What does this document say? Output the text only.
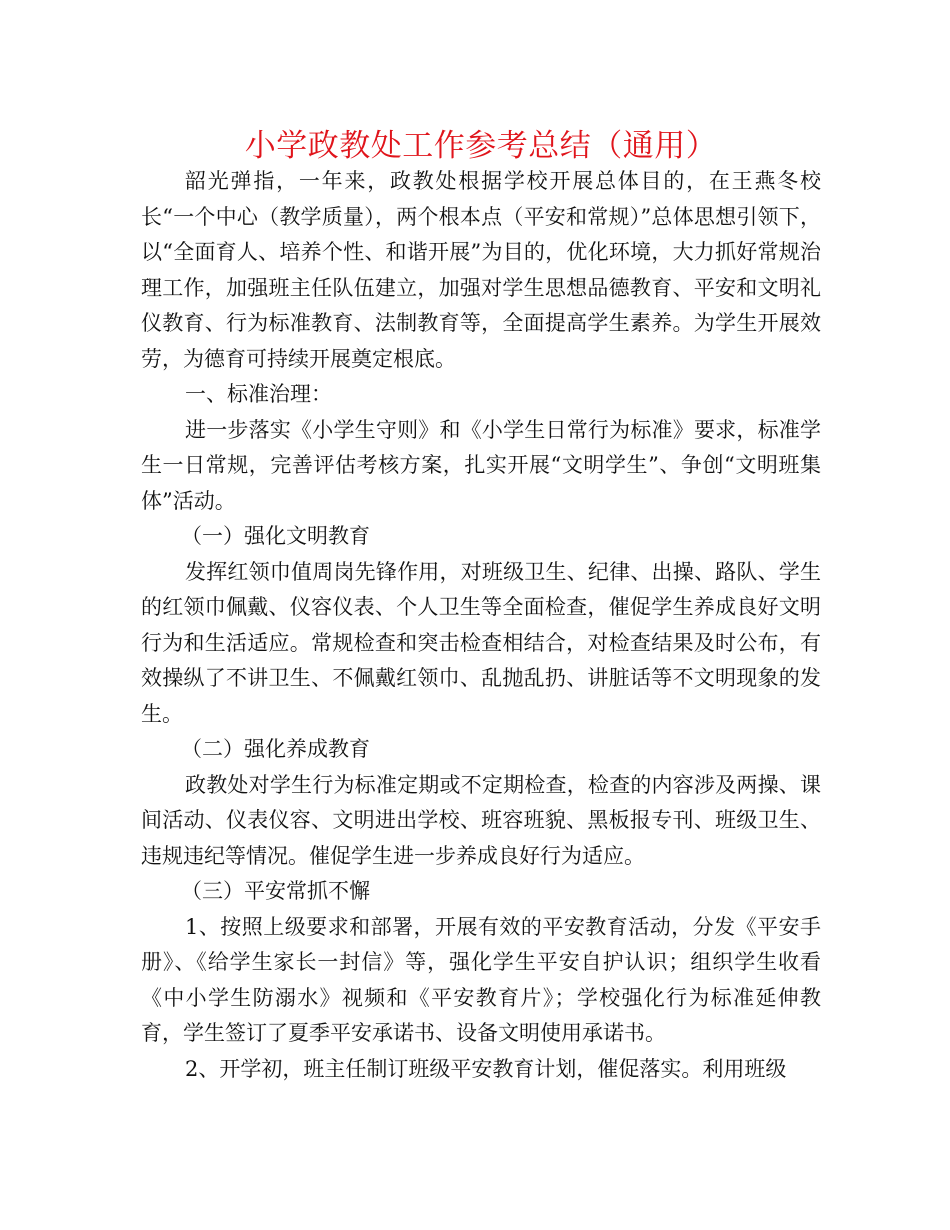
小学政教处工作参考总结（通用）

韶光弹指，一年来，政教处根据学校开展总体目的，在王燕冬校长“一个中心（教学质量），两个根本点（平安和常规）”总体思想引领下，以“全面育人、培养个性、和谐开展”为目的，优化环境，大力抓好常规治理工作，加强班主任队伍建立，加强对学生思想品德教育、平安和文明礼仪教育、行为标准教育、法制教育等，全面提高学生素养。为学生开展效劳，为德育可持续开展奠定根底。

一、标准治理：

进一步落实《小学生守则》和《小学生日常行为标准》要求，标准学生一日常规，完善评估考核方案，扎实开展“文明学生”、争创“文明班集体”活动。

（一）强化文明教育

发挥红领巾值周岗先锋作用，对班级卫生、纪律、出操、路队、学生的红领巾佩戴、仪容仪表、个人卫生等全面检查，催促学生养成良好文明行为和生活适应。常规检查和突击检查相结合，对检查结果及时公布，有效操纵了不讲卫生、不佩戴红领巾、乱抛乱扔、讲脏话等不文明现象的发生。

（二）强化养成教育

政教处对学生行为标准定期或不定期检查，检查的内容涉及两操、课间活动、仪表仪容、文明进出学校、班容班貌、黑板报专刊、班级卫生、违规违纪等情况。催促学生进一步养成良好行为适应。

（三）平安常抓不懈

1、按照上级要求和部署，开展有效的平安教育活动，分发《平安手册》、《给学生家长一封信》等，强化学生平安自护认识；组织学生收看《中小学生防溺水》视频和《平安教育片》；学校强化行为标准延伸教育，学生签订了夏季平安承诺书、设备文明使用承诺书。

2、开学初，班主任制订班级平安教育计划，催促落实。利用班级
